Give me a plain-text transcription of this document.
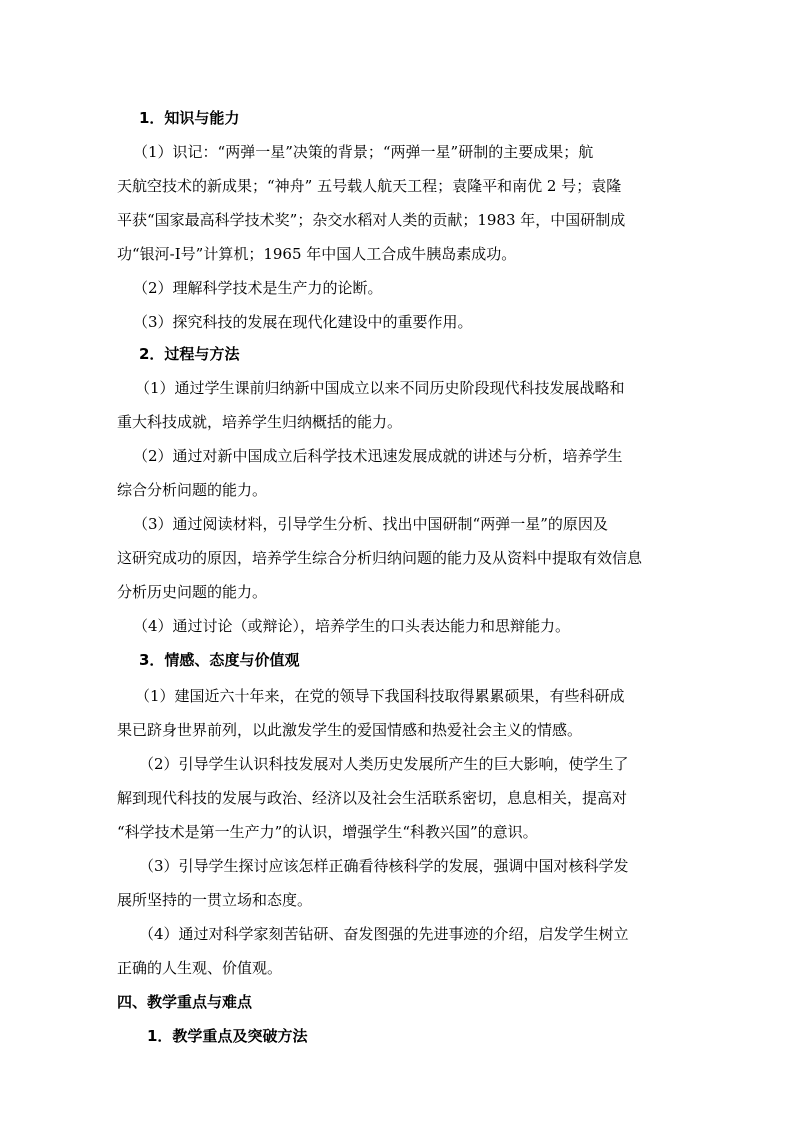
1．知识与能力
（1）识记：“两弹一星”决策的背景；“两弹一星”研制的主要成果；航
天航空技术的新成果；“神舟” 五号载人航天工程；袁隆平和南优 2 号；袁隆
平获“国家最高科学技术奖”；杂交水稻对人类的贡献；1983 年，中国研制成
功“银河-Ⅰ号”计算机；1965 年中国人工合成牛胰岛素成功。
（2）理解科学技术是生产力的论断。
（3）探究科技的发展在现代化建设中的重要作用。
2．过程与方法
（1）通过学生课前归纳新中国成立以来不同历史阶段现代科技发展战略和
重大科技成就，培养学生归纳概括的能力。
（2）通过对新中国成立后科学技术迅速发展成就的讲述与分析，培养学生
综合分析问题的能力。
（3）通过阅读材料，引导学生分析、找出中国研制“两弹一星”的原因及
这研究成功的原因，培养学生综合分析归纳问题的能力及从资料中提取有效信息
分析历史问题的能力。
（4）通过讨论（或辩论），培养学生的口头表达能力和思辩能力。
3．情感、态度与价值观
（1）建国近六十年来，在党的领导下我国科技取得累累硕果，有些科研成
果已跻身世界前列，以此激发学生的爱国情感和热爱社会主义的情感。
（2）引导学生认识科技发展对人类历史发展所产生的巨大影响，使学生了
解到现代科技的发展与政治、经济以及社会生活联系密切，息息相关，提高对
“科学技术是第一生产力”的认识，增强学生“科教兴国”的意识。
（3）引导学生探讨应该怎样正确看待核科学的发展，强调中国对核科学发
展所坚持的一贯立场和态度。
（4）通过对科学家刻苦钻研、奋发图强的先进事迹的介绍，启发学生树立
正确的人生观、价值观。
四、教学重点与难点
1．教学重点及突破方法
